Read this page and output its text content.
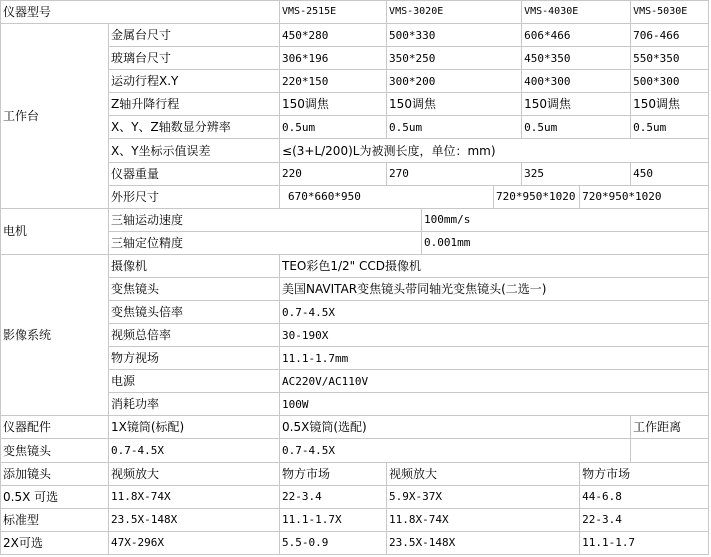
仪器型号		VMS-2515E	VMS-3020E			VMS-4030E		VMS-5030E	
工作台	金属台尺寸	450*280	500*330			606*466		706-466	
	玻璃台尺寸	306*196	350*250			450*350		550*350	
	运动行程X.Y	220*150	300*200			400*300		500*300	
	Z轴升降行程	150调焦	150调焦			150调焦		150调焦	
	X、Y、Z轴数显分辨率	0.5um	0.5um			0.5um		0.5um	
	X、Y坐标示值误差	≤(3+L/200)L为被测长度，单位：mm)							
	仪器重量	220	270			325		450	
	外形尺寸	670*660*950			720*950*1020		720*950*1020		
电机	三轴运动速度			100mm/s					
	三轴定位精度			0.001mm					
影像系统	摄像机	TEO彩色1/2" CCD摄像机							
	变焦镜头	美国NAVITAR变焦镜头带同轴光变焦镜头(二选一)							
	变焦镜头倍率	0.7-4.5X							
	视频总倍率	30-190X							
	物方视场	11.1-1.7mm							
	电源	AC220V/AC110V							
	消耗功率	100W							
仪器配件	1X镜筒(标配)	0.5X镜筒(选配)						工作距离	
变焦镜头	0.7-4.5X	0.7-4.5X							
添加镜头	视频放大	物方市场	视频放大				物方市场		
0.5X 可选	11.8X-74X	22-3.4	5.9X-37X				44-6.8	
标准型	23.5X-148X	11.1-1.7X	11.8X-74X				22-3.4	
2X可选	47X-296X	5.5-0.9	23.5X-148X				11.1-1.7	
